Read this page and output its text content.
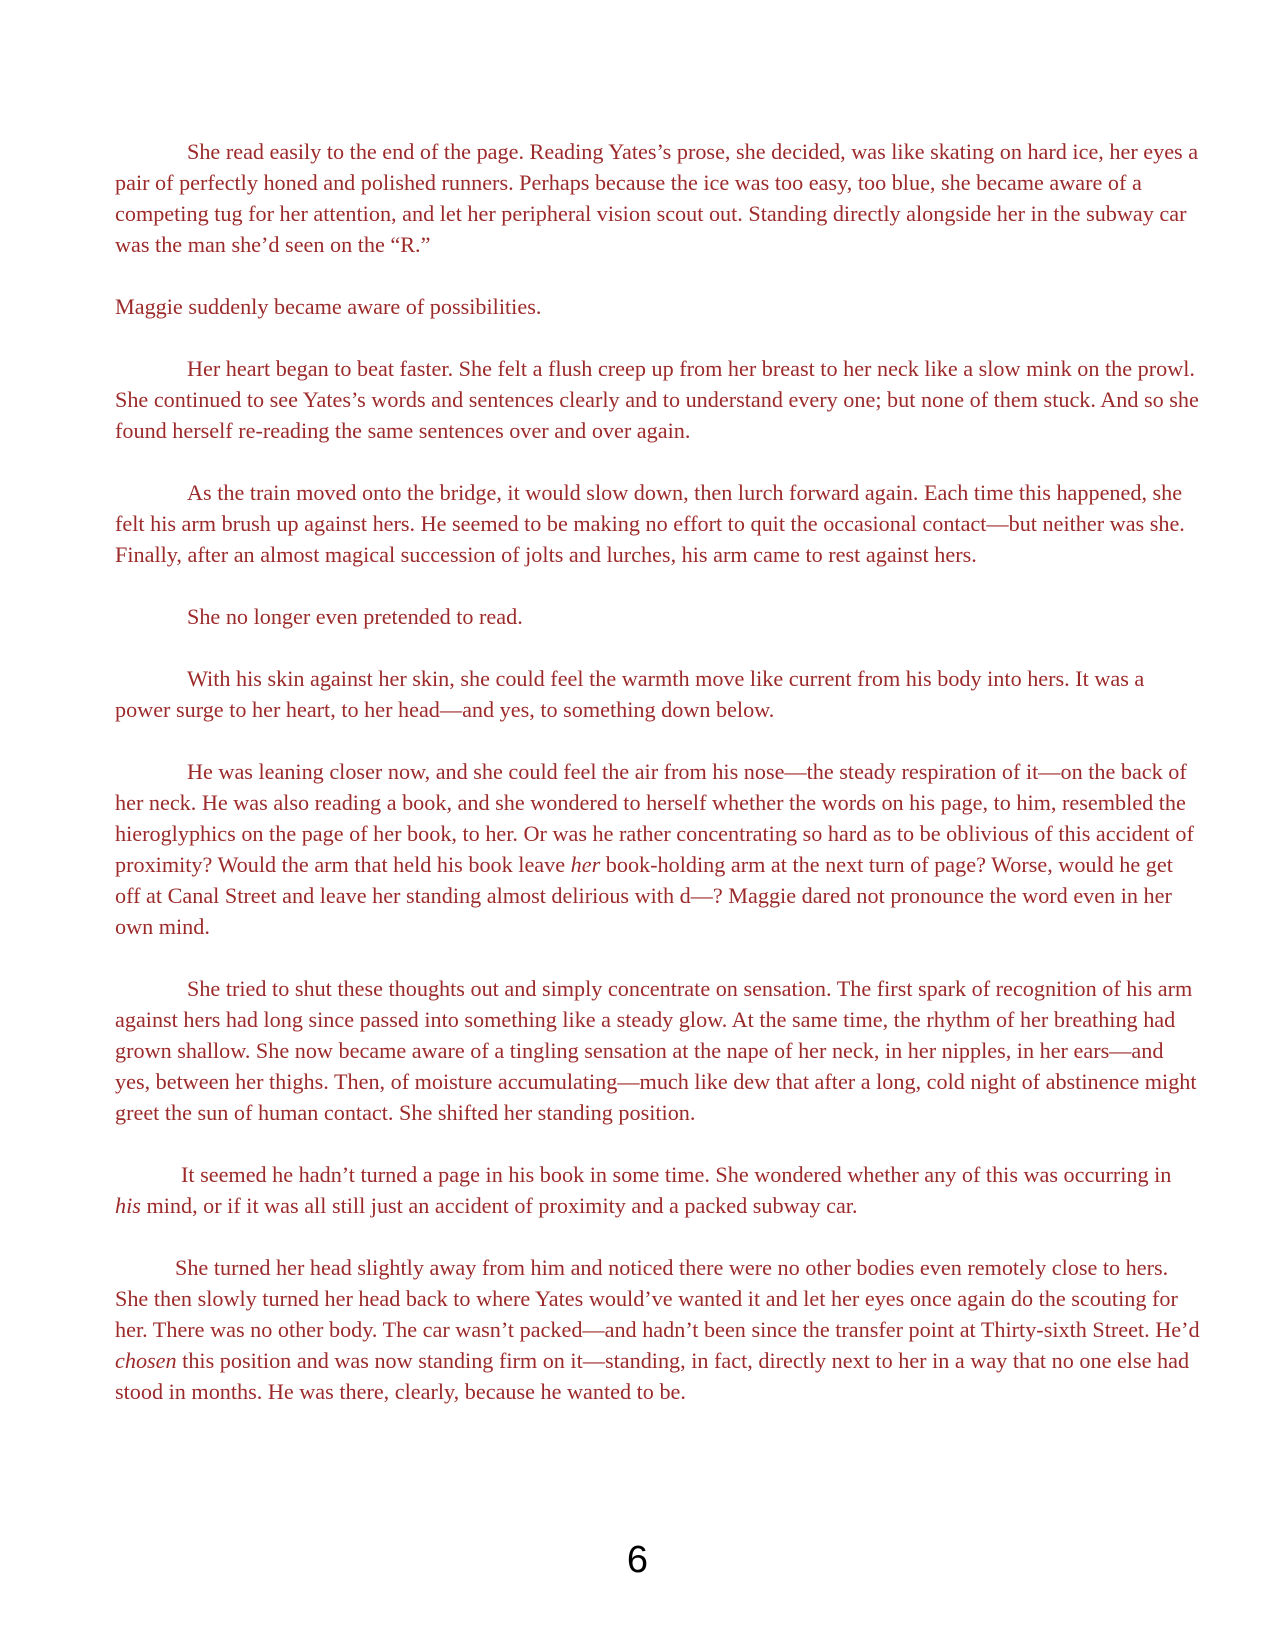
She read easily to the end of the page. Reading Yates’s prose, she decided, was like skating on hard ice, her eyes a pair of perfectly honed and polished runners. Perhaps because the ice was too easy, too blue, she became aware of a competing tug for her attention, and let her peripheral vision scout out. Standing directly alongside her in the subway car was the man she’d seen on the “R.”

Maggie suddenly became aware of possibilities.

Her heart began to beat faster. She felt a flush creep up from her breast to her neck like a slow mink on the prowl. She continued to see Yates’s words and sentences clearly and to understand every one; but none of them stuck. And so she found herself re-reading the same sentences over and over again.

As the train moved onto the bridge, it would slow down, then lurch forward again. Each time this happened, she felt his arm brush up against hers. He seemed to be making no effort to quit the occasional contact—but neither was she. Finally, after an almost magical succession of jolts and lurches, his arm came to rest against hers.

She no longer even pretended to read.

With his skin against her skin, she could feel the warmth move like current from his body into hers. It was a power surge to her heart, to her head—and yes, to something down below.

He was leaning closer now, and she could feel the air from his nose—the steady respiration of it—on the back of her neck. He was also reading a book, and she wondered to herself whether the words on his page, to him, resembled the hieroglyphics on the page of her book, to her. Or was he rather concentrating so hard as to be oblivious of this accident of proximity? Would the arm that held his book leave her book-holding arm at the next turn of page? Worse, would he get off at Canal Street and leave her standing almost delirious with d—? Maggie dared not pronounce the word even in her own mind.

She tried to shut these thoughts out and simply concentrate on sensation. The first spark of recognition of his arm against hers had long since passed into something like a steady glow. At the same time, the rhythm of her breathing had grown shallow. She now became aware of a tingling sensation at the nape of her neck, in her nipples, in her ears—and yes, between her thighs. Then, of moisture accumulating—much like dew that after a long, cold night of abstinence might greet the sun of human contact. She shifted her standing position.

It seemed he hadn’t turned a page in his book in some time. She wondered whether any of this was occurring in his mind, or if it was all still just an accident of proximity and a packed subway car.

She turned her head slightly away from him and noticed there were no other bodies even remotely close to hers. She then slowly turned her head back to where Yates would’ve wanted it and let her eyes once again do the scouting for her. There was no other body. The car wasn’t packed—and hadn’t been since the transfer point at Thirty-sixth Street. He’d chosen this position and was now standing firm on it—standing, in fact, directly next to her in a way that no one else had stood in months. He was there, clearly, because he wanted to be.

6
